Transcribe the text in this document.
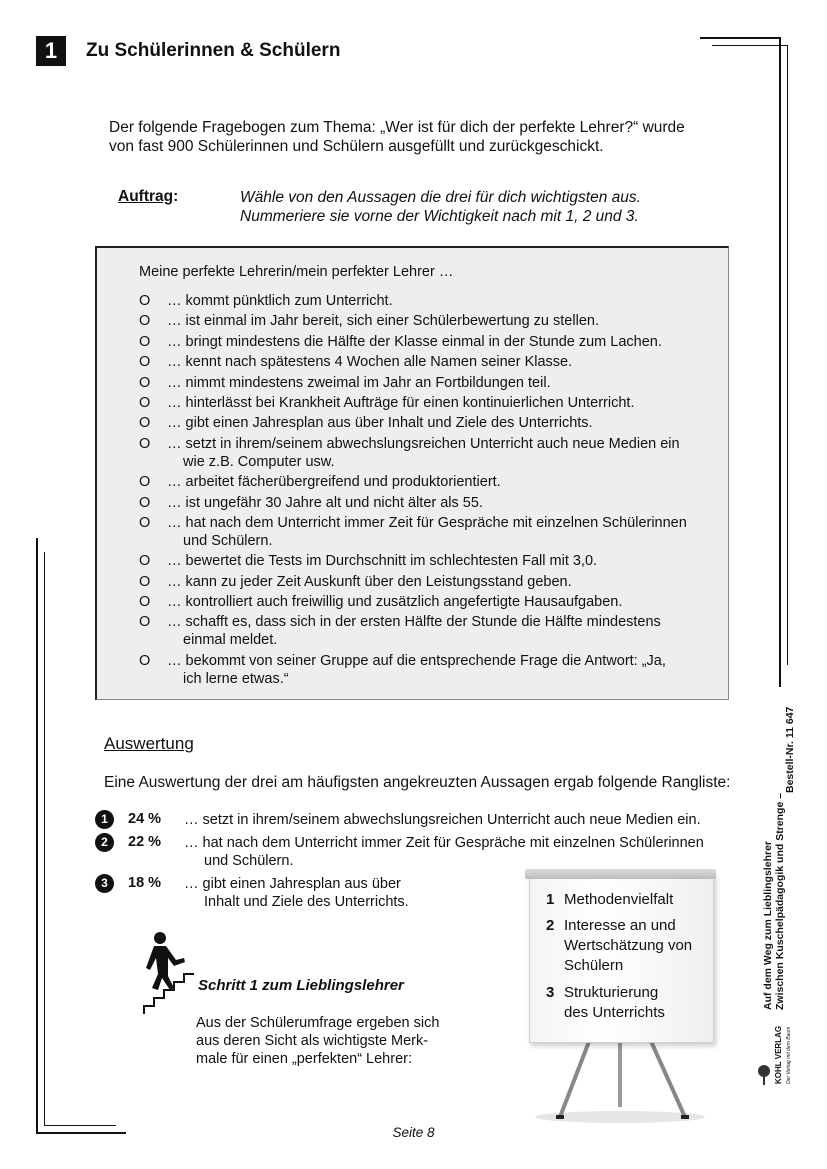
1	Zu Schülerinnen & Schülern
Der folgende Fragebogen zum Thema: „Wer ist für dich der perfekte Lehrer?“ wurde
von fast 900 Schülerinnen und Schülern ausgefüllt und zurückgeschickt.
Auftrag:	Wähle von den Aussagen die drei für dich wichtigsten aus.
Nummeriere sie vorne der Wichtigkeit nach mit 1, 2 und 3.
Meine perfekte Lehrerin/mein perfekter Lehrer …
O … kommt pünktlich zum Unterricht.
O … ist einmal im Jahr bereit, sich einer Schülerbewertung zu stellen.
O … bringt mindestens die Hälfte der Klasse einmal in der Stunde zum Lachen.
O … kennt nach spätestens 4 Wochen alle Namen seiner Klasse.
O … nimmt mindestens zweimal im Jahr an Fortbildungen teil.
O … hinterlässt bei Krankheit Aufträge für einen kontinuierlichen Unterricht.
O … gibt einen Jahresplan aus über Inhalt und Ziele des Unterrichts.
O … setzt in ihrem/seinem abwechslungsreichen Unterricht auch neue Medien ein
wie z.B. Computer usw.
O … arbeitet fächerübergreifend und produktorientiert.
O … ist ungefähr 30 Jahre alt und nicht älter als 55.
O … hat nach dem Unterricht immer Zeit für Gespräche mit einzelnen Schülerinnen
und Schülern.
O … bewertet die Tests im Durchschnitt im schlechtesten Fall mit 3,0.
O … kann zu jeder Zeit Auskunft über den Leistungsstand geben.
O … kontrolliert auch freiwillig und zusätzlich angefertigte Hausaufgaben.
O … schafft es, dass sich in der ersten Hälfte der Stunde die Hälfte mindestens
einmal meldet.
O … bekommt von seiner Gruppe auf die entsprechende Frage die Antwort: „Ja,
ich lerne etwas.“
Auswertung
Eine Auswertung der drei am häufigsten angekreuzten Aussagen ergab folgende Rangliste:
1	24 % … setzt in ihrem/seinem abwechslungsreichen Unterricht auch neue Medien ein.
2	22 % … hat nach dem Unterricht immer Zeit für Gespräche mit einzelnen Schülerinnen
und Schülern.
3	18 % … gibt einen Jahresplan aus über
Inhalt und Ziele des Unterrichts.
Schritt 1 zum Lieblingslehrer
Aus der Schülerumfrage ergeben sich
aus deren Sicht als wichtigste Merk-
male für einen „perfekten“ Lehrer:
1 Methodenvielfalt
2 Interesse an und
Wertschätzung von
Schülern
3 Strukturierung
des Unterrichts
Auf dem Weg zum Lieblingslehrer Zwischen Kuschelpädagogik und Strenge –
Bestell-Nr. 11 647
KOHL VERLAG Der Verlag mit dem Baum
Seite 8
